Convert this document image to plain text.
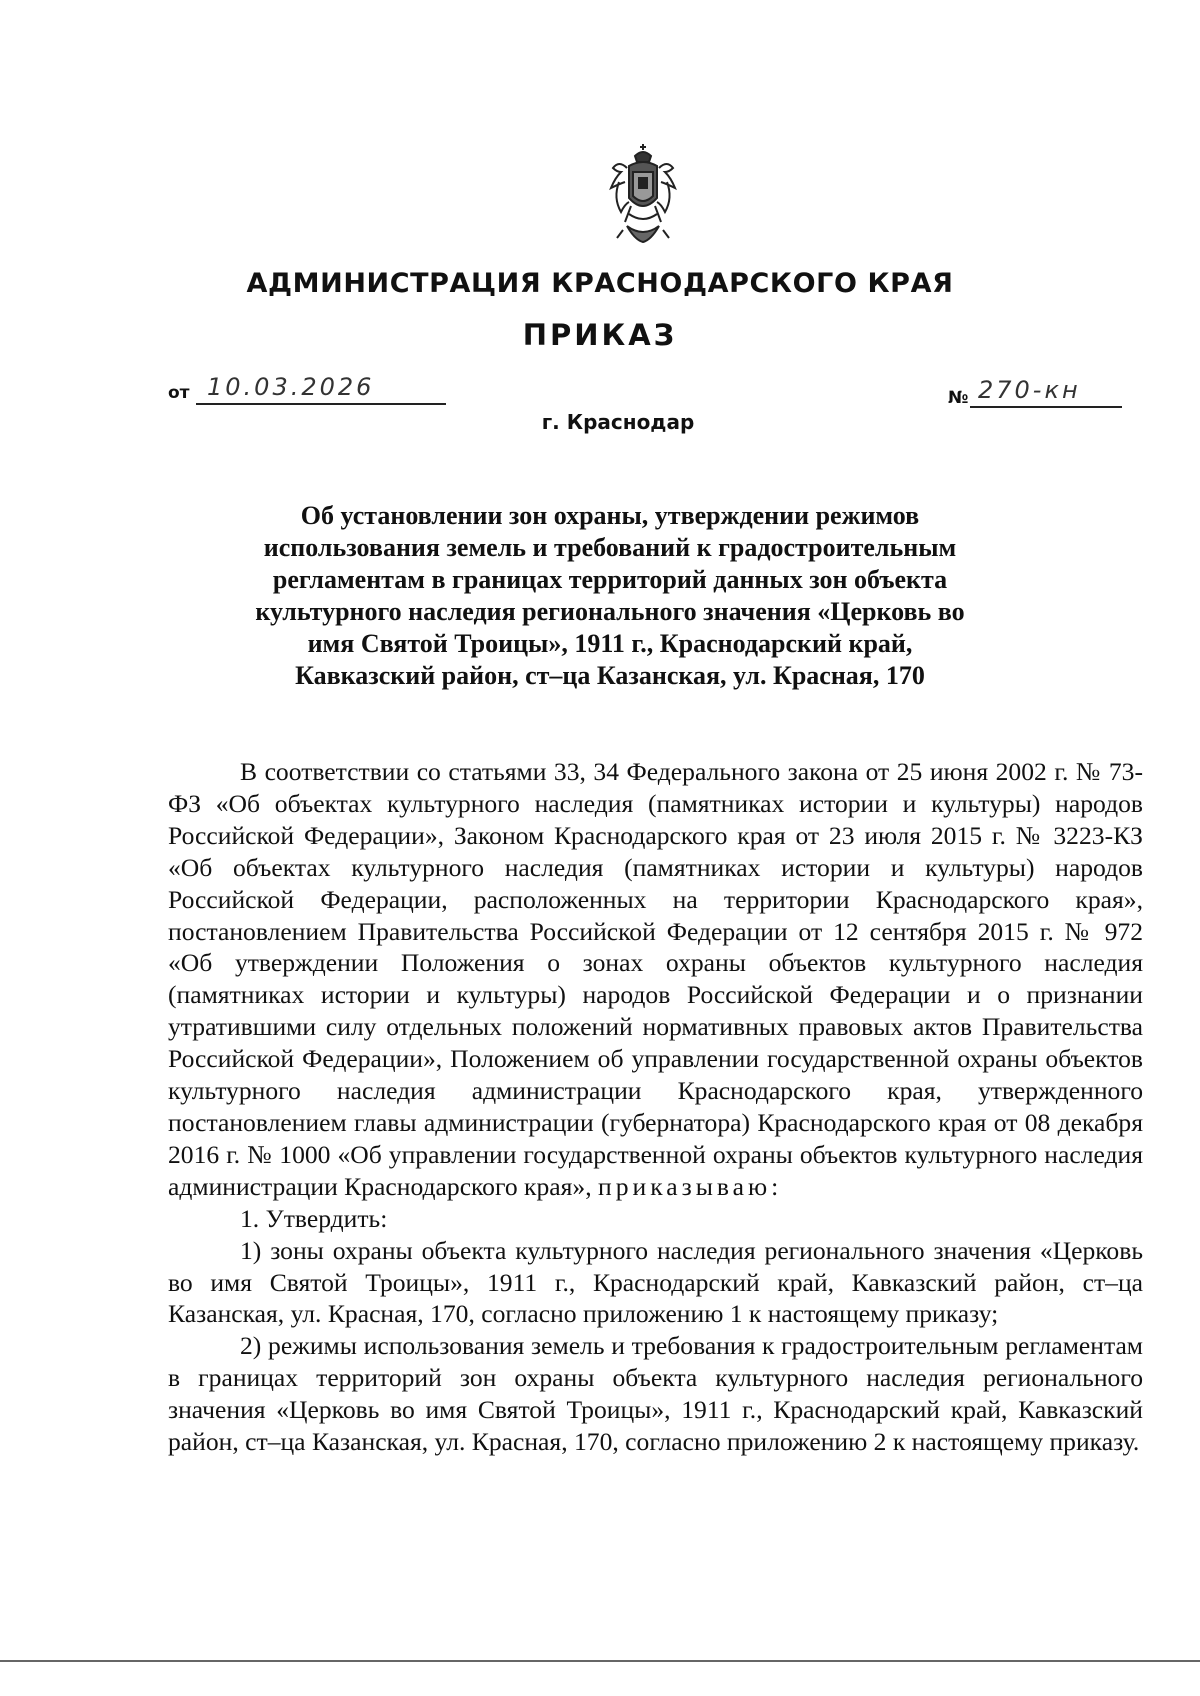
АДМИНИСТРАЦИЯ КРАСНОДАРСКОГО КРАЯ
ПРИКАЗ
от 10.03.2026	№ 270-кн
г. Краснодар
Об установлении зон охраны, утверждении режимов использования земель и требований к градостроительным регламентам в границах территорий данных зон объекта культурного наследия регионального значения «Церковь во имя Святой Троицы», 1911 г., Краснодарский край, Кавказский район, ст–ца Казанская, ул. Красная, 170

В соответствии со статьями 33, 34 Федерального закона от 25 июня 2002 г. № 73-ФЗ «Об объектах культурного наследия (памятниках истории и культуры) народов Российской Федерации», Законом Краснодарского края от 23 июля 2015 г. № 3223-КЗ «Об объектах культурного наследия (памятниках истории и культуры) народов Российской Федерации, расположенных на территории Краснодарского края», постановлением Правительства Российской Федерации от 12 сентября 2015 г. № 972 «Об утверждении Положения о зонах охраны объектов культурного наследия (памятниках истории и культуры) народов Российской Федерации и о признании утратившими силу отдельных положений нормативных правовых актов Правительства Российской Федерации», Положением об управлении государственной охраны объектов культурного наследия администрации Краснодарского края, утвержденного постановлением главы администрации (губернатора) Краснодарского края от 08 декабря 2016 г. № 1000 «Об управлении государственной охраны объектов культурного наследия администрации Краснодарского края», приказываю:

1. Утвердить:

1) зоны охраны объекта культурного наследия регионального значения «Церковь во имя Святой Троицы», 1911 г., Краснодарский край, Кавказский район, ст–ца Казанская, ул. Красная, 170, согласно приложению 1 к настоящему приказу;

2) режимы использования земель и требования к градостроительным регламентам в границах территорий зон охраны объекта культурного наследия регионального значения «Церковь во имя Святой Троицы», 1911 г., Краснодарский край, Кавказский район, ст–ца Казанская, ул. Красная, 170, согласно приложению 2 к настоящему приказу.
